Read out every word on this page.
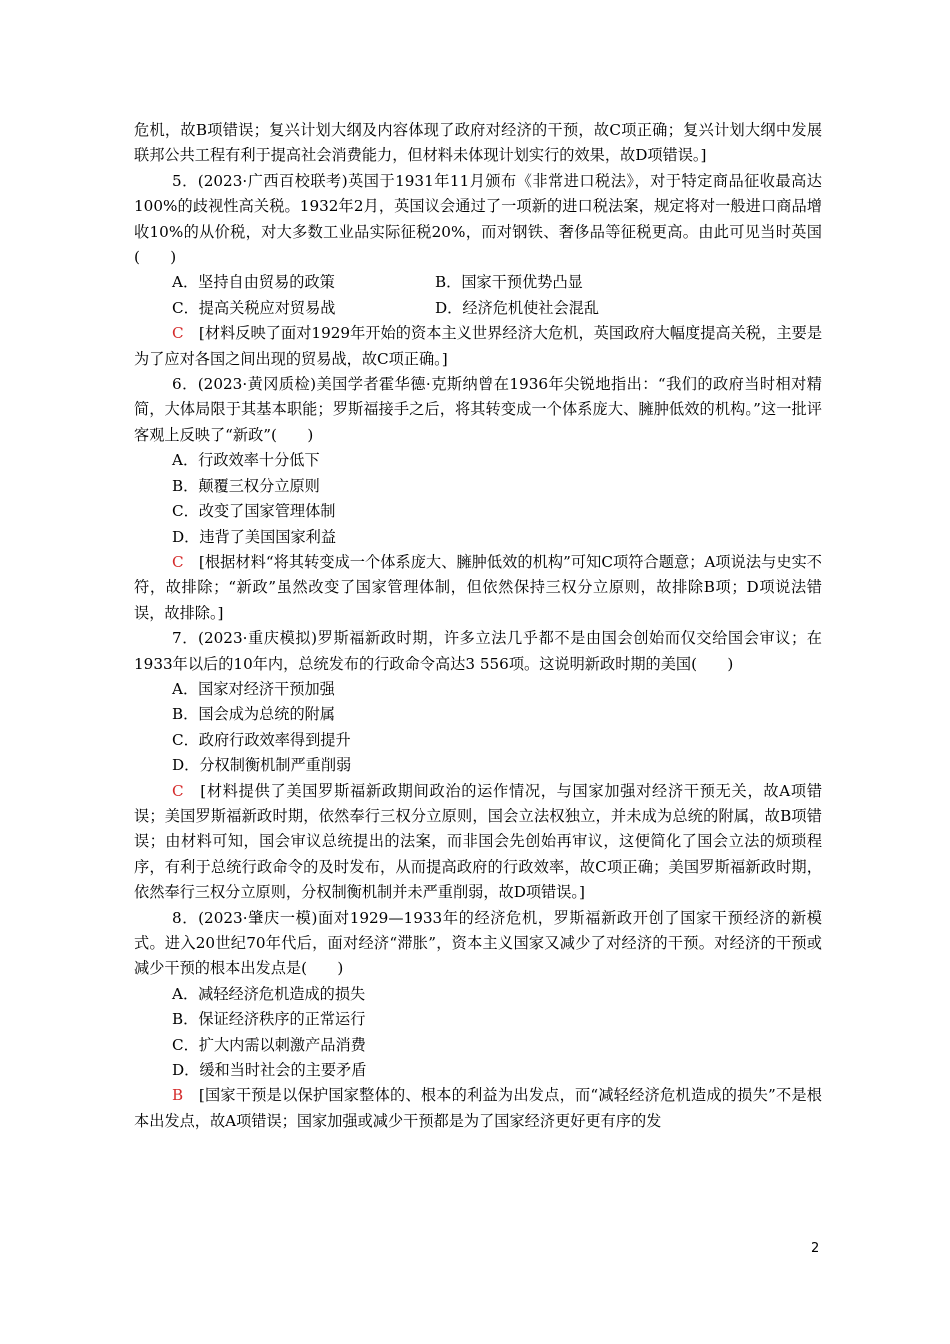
危机，故B项错误；复兴计划大纲及内容体现了政府对经济的干预，故C项正确；复兴计划大纲中发展联邦公共工程有利于提高社会消费能力，但材料未体现计划实行的效果，故D项错误。]

5．(2023·广西百校联考)英国于1931年11月颁布《非常进口税法》，对于特定商品征收最高达100%的歧视性高关税。1932年2月，英国议会通过了一项新的进口税法案，规定将对一般进口商品增收10%的从价税，对大多数工业品实际征税20%，而对钢铁、奢侈品等征税更高。由此可见当时英国(　　)

A．坚持自由贸易的政策	B．国家干预优势凸显
C．提高关税应对贸易战	D．经济危机使社会混乱

C　 [材料反映了面对1929年开始的资本主义世界经济大危机，英国政府大幅度提高关税，主要是为了应对各国之间出现的贸易战，故C项正确。]

6．(2023·黄冈质检)美国学者霍华德·克斯纳曾在1936年尖锐地指出：“我们的政府当时相对精简，大体局限于其基本职能；罗斯福接手之后，将其转变成一个体系庞大、臃肿低效的机构。”这一批评客观上反映了“新政”(　　)

A．行政效率十分低下

B．颠覆三权分立原则

C．改变了国家管理体制

D．违背了美国国家利益

C　 [根据材料“将其转变成一个体系庞大、臃肿低效的机构”可知C项符合题意；A项说法与史实不符，故排除；“新政”虽然改变了国家管理体制，但依然保持三权分立原则，故排除B项；D项说法错误，故排除。]

7．(2023·重庆模拟)罗斯福新政时期，许多立法几乎都不是由国会创始而仅交给国会审议；在1933年以后的10年内，总统发布的行政命令高达3 556项。这说明新政时期的美国(　　)

A．国家对经济干预加强

B．国会成为总统的附属

C．政府行政效率得到提升

D．分权制衡机制严重削弱

C　 [材料提供了美国罗斯福新政期间政治的运作情况，与国家加强对经济干预无关，故A项错误；美国罗斯福新政时期，依然奉行三权分立原则，国会立法权独立，并未成为总统的附属，故B项错误；由材料可知，国会审议总统提出的法案，而非国会先创始再审议，这便简化了国会立法的烦琐程序，有利于总统行政命令的及时发布，从而提高政府的行政效率，故C项正确；美国罗斯福新政时期，依然奉行三权分立原则，分权制衡机制并未严重削弱，故D项错误。]

8．(2023·肇庆一模)面对1929—1933年的经济危机，罗斯福新政开创了国家干预经济的新模式。进入20世纪70年代后，面对经济“滞胀”，资本主义国家又减少了对经济的干预。对经济的干预或减少干预的根本出发点是(　　)

A．减轻经济危机造成的损失

B．保证经济秩序的正常运行

C．扩大内需以刺激产品消费

D．缓和当时社会的主要矛盾

B　 [国家干预是以保护国家整体的、根本的利益为出发点，而“减轻经济危机造成的损失”不是根本出发点，故A项错误；国家加强或减少干预都是为了国家经济更好更有序的发

2
